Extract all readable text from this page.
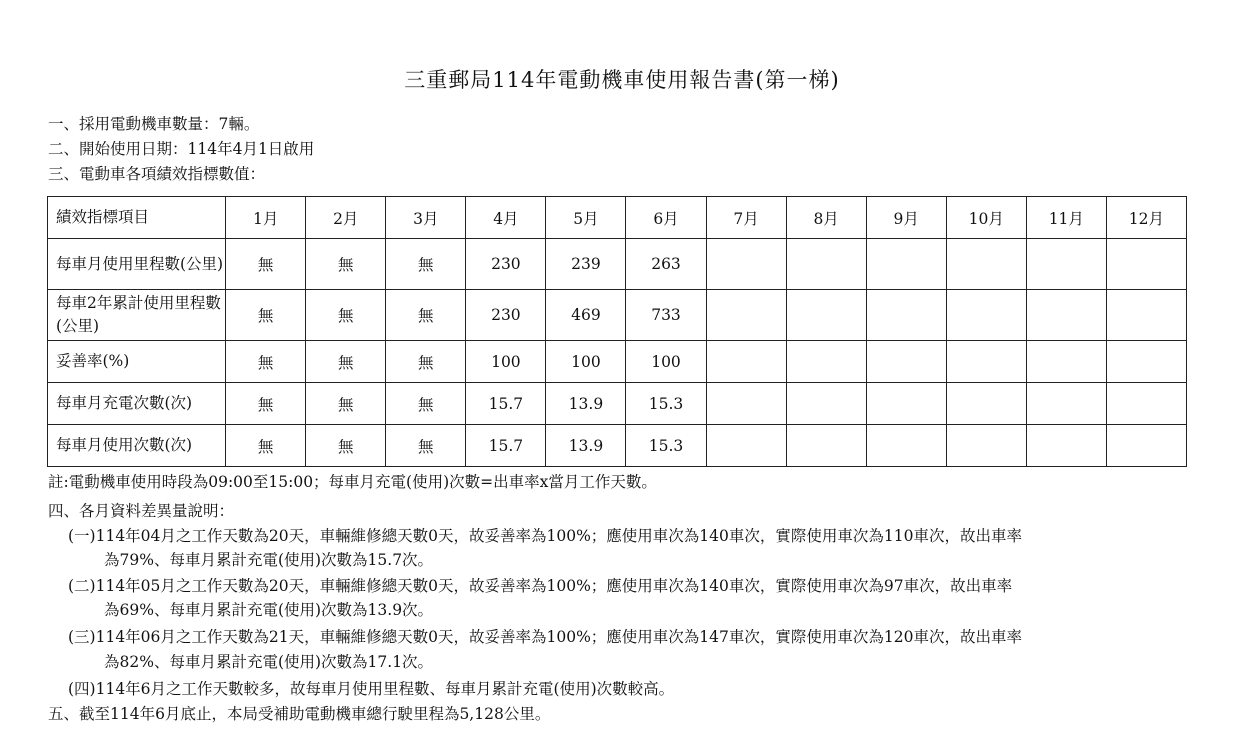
三重郵局114年電動機車使用報告書(第一梯)
一、採用電動機車數量：7輛。
二、開始使用日期：114年4月1日啟用
三、電動車各項績效指標數值：
績效指標項目	1月	2月	3月	4月	5月	6月	7月	8月	9月	10月	11月	12月
每車月使用里程數(公里)	無	無	無	230	239	263						
每車2年累計使用里程數(公里)	無	無	無	230	469	733						
妥善率(%)	無	無	無	100	100	100						
每車月充電次數(次)	無	無	無	15.7	13.9	15.3						
每車月使用次數(次)	無	無	無	15.7	13.9	15.3						
註:電動機車使用時段為09:00至15:00；每車月充電(使用)次數=出車率x當月工作天數。
四、各月資料差異量說明：
(一)114年04月之工作天數為20天，車輛維修總天數0天，故妥善率為100%；應使用車次為140車次，實際使用車次為110車次，故出車率
為79%、每車月累計充電(使用)次數為15.7次。
(二)114年05月之工作天數為20天，車輛維修總天數0天，故妥善率為100%；應使用車次為140車次，實際使用車次為97車次，故出車率
為69%、每車月累計充電(使用)次數為13.9次。
(三)114年06月之工作天數為21天，車輛維修總天數0天，故妥善率為100%；應使用車次為147車次，實際使用車次為120車次，故出車率
為82%、每車月累計充電(使用)次數為17.1次。
(四)114年6月之工作天數較多，故每車月使用里程數、每車月累計充電(使用)次數較高。
五、截至114年6月底止，本局受補助電動機車總行駛里程為5,128公里。
